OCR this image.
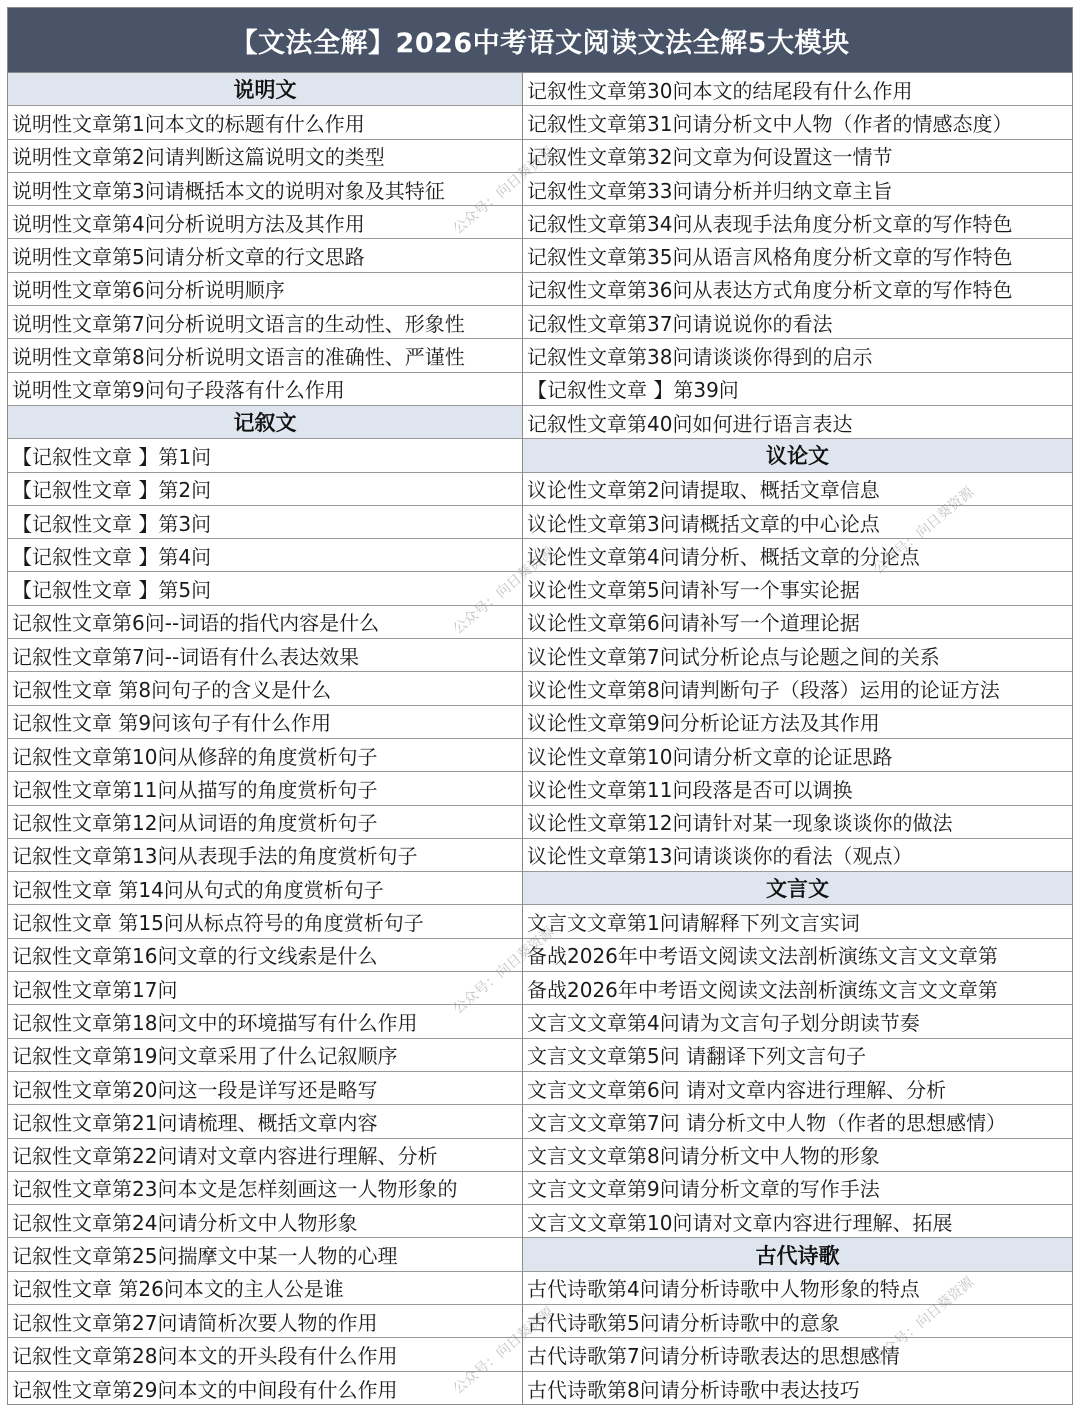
【文法全解】2026中考语文阅读文法全解5大模块
说明文
说明性文章第1问本文的标题有什么作用
说明性文章第2问请判断这篇说明文的类型
说明性文章第3问请概括本文的说明对象及其特征
说明性文章第4问分析说明方法及其作用
说明性文章第5问请分析文章的行文思路
说明性文章第6问分析说明顺序
说明性文章第7问分析说明文语言的生动性、形象性
说明性文章第8问分析说明文语言的准确性、严谨性
说明性文章第9问句子段落有什么作用
记叙文
【记叙性文章 】第1问
【记叙性文章 】第2问
【记叙性文章 】第3问
【记叙性文章 】第4问
【记叙性文章 】第5问
记叙性文章第6问--词语的指代内容是什么
记叙性文章第7问--词语有什么表达效果
记叙性文章 第8问句子的含义是什么
记叙性文章 第9问该句子有什么作用
记叙性文章第10问从修辞的角度赏析句子
记叙性文章第11问从描写的角度赏析句子
记叙性文章第12问从词语的角度赏析句子
记叙性文章第13问从表现手法的角度赏析句子
记叙性文章 第14问从句式的角度赏析句子
记叙性文章 第15问从标点符号的角度赏析句子
记叙性文章第16问文章的行文线索是什么
记叙性文章第17问
记叙性文章第18问文中的环境描写有什么作用
记叙性文章第19问文章采用了什么记叙顺序
记叙性文章第20问这一段是详写还是略写
记叙性文章第21问请梳理、概括文章内容
记叙性文章第22问请对文章内容进行理解、分析
记叙性文章第23问本文是怎样刻画这一人物形象的
记叙性文章第24问请分析文中人物形象
记叙性文章第25问揣摩文中某一人物的心理
记叙性文章 第26问本文的主人公是谁
记叙性文章第27问请简析次要人物的作用
记叙性文章第28问本文的开头段有什么作用
记叙性文章第29问本文的中间段有什么作用
记叙性文章第30问本文的结尾段有什么作用
记叙性文章第31问请分析文中人物（作者的情感态度）
记叙性文章第32问文章为何设置这一情节
记叙性文章第33问请分析并归纳文章主旨
记叙性文章第34问从表现手法角度分析文章的写作特色
记叙性文章第35问从语言风格角度分析文章的写作特色
记叙性文章第36问从表达方式角度分析文章的写作特色
记叙性文章第37问请说说你的看法
记叙性文章第38问请谈谈你得到的启示
【记叙性文章 】第39问
记叙性文章第40问如何进行语言表达
议论文
议论性文章第2问请提取、概括文章信息
议论性文章第3问请概括文章的中心论点
议论性文章第4问请分析、概括文章的分论点
议论性文章第5问请补写一个事实论据
议论性文章第6问请补写一个道理论据
议论性文章第7问试分析论点与论题之间的关系
议论性文章第8问请判断句子（段落）运用的论证方法
议论性文章第9问分析论证方法及其作用
议论性文章第10问请分析文章的论证思路
议论性文章第11问段落是否可以调换
议论性文章第12问请针对某一现象谈谈你的做法
议论性文章第13问请谈谈你的看法（观点）
文言文
文言文文章第1问请解释下列文言实词
备战2026年中考语文阅读文法剖析演练文言文文章第
备战2026年中考语文阅读文法剖析演练文言文文章第
文言文文章第4问请为文言句子划分朗读节奏
文言文文章第5问 请翻译下列文言句子
文言文文章第6问 请对文章内容进行理解、分析
文言文文章第7问 请分析文中人物（作者的思想感情）
文言文文章第8问请分析文中人物的形象
文言文文章第9问请分析文章的写作手法
文言文文章第10问请对文章内容进行理解、拓展
古代诗歌
古代诗歌第4问请分析诗歌中人物形象的特点
古代诗歌第5问请分析诗歌中的意象
古代诗歌第7问请分析诗歌表达的思想感情
古代诗歌第8问请分析诗歌中表达技巧
公众号：向日葵资源
公众号：向日葵资源
公众号：向日葵资源
公众号：向日葵资源
公众号：向日葵资源
公众号：向日葵资源
